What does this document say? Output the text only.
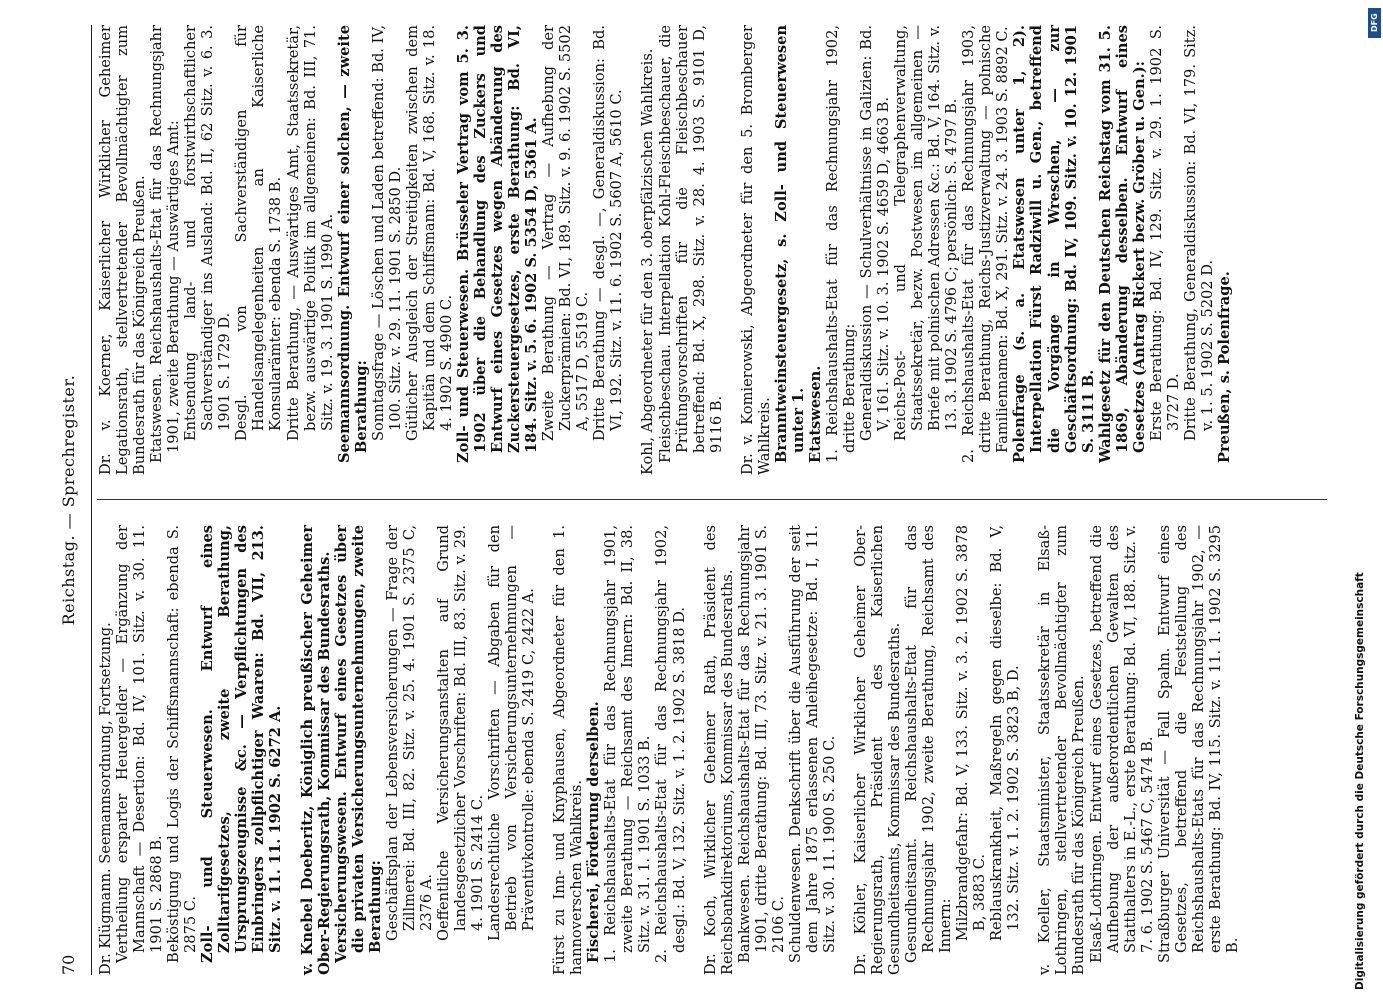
70
Reichstag. — Sprechregister.

Dr. Klügmann. Seemannsordnung, Fortsetzung. Vertheilung ersparter Heuergelder — Ergänzung der Mannschaft — Desertion: Bd. IV, 101. Sitz. v. 30. 11. 1901 S. 2868 B. Beköstigung und Logis der Schiffsmannschaft: ebenda S. 2875 C. Zoll- und Steuerwesen. Entwurf eines Zolltarifgesetzes, zweite Berathung, Ursprungszeugnisse &c. — Verpflichtungen des Einbringers zollpflichtiger Waaren: Bd. VII, 213. Sitz. v. 11. 11. 1902 S. 6272 A. v. Knebel Doeberitz, Königlich preußischer Geheimer Ober-Regierungsrath, Kommissar des Bundesraths. Versicherungswesen. Entwurf eines Gesetzes über die privaten Versicherungsunternehmungen, zweite Berathung: Geschäftsplan der Lebensversicherungen — Frage der Zillmerei: Bd. III, 82. Sitz. v. 25. 4. 1901 S. 2375 C, 2376 A. Oeffentliche Versicherungsanstalten auf Grund landesgesetzlicher Vorschriften: Bd. III, 83. Sitz. v. 29. 4. 1901 S. 2414 C. Landesrechtliche Vorschriften — Abgaben für den Betrieb von Versicherungsunternehmungen — Präventivkontrolle: ebenda S. 2419 C, 2422 A. Fürst zu Inn- und Knyphausen, Abgeordneter für den 1. hannoverschen Wahlkreis. Fischerei, Förderung derselben. 1. Reichshaushalts-Etat für das Rechnungsjahr 1901, zweite Berathung — Reichsamt des Innern: Bd. II, 38. Sitz. v. 31. 1. 1901 S. 1033 B. 2. Reichshaushalts-Etat für das Rechnungsjahr 1902, desgl.: Bd. V, 132. Sitz. v. 1. 2. 1902 S. 3818 D. Dr. Koch, Wirklicher Geheimer Rath, Präsident des Reichsbankdirektoriums, Kommissar des Bundesraths. Bankwesen. Reichshaushalts-Etat für das Rechnungsjahr 1901, dritte Berathung: Bd. III, 73. Sitz. v. 21. 3. 1901 S. 2106 C. Schuldenwesen. Denkschrift über die Ausführung der seit dem Jahre 1875 erlassenen Anleihegesetze: Bd. I, 11. Sitz. v. 30. 11. 1900 S. 250 C. Dr. Köhler, Kaiserlicher Wirklicher Geheimer Ober-Regierungsrath, Präsident des Kaiserlichen Gesundheitsamts, Kommissar des Bundesraths. Gesundheitsamt. Reichshaushalts-Etat für das Rechnungsjahr 1902, zweite Berathung, Reichsamt des Innern: Milzbrandgefahr: Bd. V, 133. Sitz. v. 3. 2. 1902 S. 3878 B, 3883 C. Reblauskrankheit, Maßregeln gegen dieselbe: Bd. V, 132. Sitz. v. 1. 2. 1902 S. 3823 B, D. v. Koeller, Staatsminister, Staatssekretär in Elsaß-Lothringen, stellvertretender Bevollmächtigter zum Bundesrath für das Königreich Preußen. Elsaß-Lothringen. Entwurf eines Gesetzes, betreffend die Aufhebung der außerordentlichen Gewalten des Statthalters in E.-L., erste Berathung: Bd. VI, 188. Sitz. v. 7. 6. 1902 S. 5467 C, 5474 B. Straßburger Universität — Fall Spahn. Entwurf eines Gesetzes, betreffend die Feststellung des Reichshaushalts-Etats für das Rechnungsjahr 1902, — erste Berathung: Bd. IV, 115. Sitz. v. 11. 1. 1902 S. 3295 B.

Dr. v. Koerner, Kaiserlicher Wirklicher Geheimer Legationsrath, stellvertretender Bevollmächtigter zum Bundesrath für das Königreich Preußen. Etatswesen. Reichshaushalts-Etat für das Rechnungsjahr 1901, zweite Berathung — Auswärtiges Amt: Entsendung land- und forstwirthschaftlicher Sachverständiger ins Ausland: Bd. II, 62 Sitz. v. 6. 3. 1901 S. 1729 D. Desgl. von Sachverständigen für Handelsangelegenheiten an Kaiserliche Konsularämter: ebenda S. 1738 B. Dritte Berathung, — Auswärtiges Amt, Staatssekretär, bezw. auswärtige Politik im allgemeinen: Bd. III, 71. Sitz. v. 19. 3. 1901 S. 1990 A. Seemannsordnung. Entwurf einer solchen, — zweite Berathung: Sonntagsfrage — Löschen und Laden betreffend: Bd. IV, 100. Sitz. v. 29. 11. 1901 S. 2850 D. Gütlicher Ausgleich der Streitigkeiten zwischen dem Kapitän und dem Schiffsmann: Bd. V, 168. Sitz. v. 18. 4. 1902 S. 4900 C. Zoll- und Steuerwesen. Brüsseler Vertrag vom 5. 3. 1902 über die Behandlung des Zuckers und Entwurf eines Gesetzes wegen Abänderung des Zuckersteuergesetzes, erste Berathung: Bd. VI, 184. Sitz. v. 5. 6. 1902 S. 5354 D, 5361 A. Zweite Berathung — Vertrag — Aufhebung der Zuckerprämien: Bd. VI, 189. Sitz. v. 9. 6. 1902 S. 5502 A, 5517 D, 5519 C. Dritte Berathung — desgl. —, Generaldiskussion: Bd. VI, 192. Sitz. v. 11. 6. 1902 S. 5607 A, 5610 C. Kohl, Abgeordneter für den 3. oberpfälzischen Wahlkreis. Fleischbeschau. Interpellation Kohl-Fleischbeschauer, die Prüfungsvorschriften für die Fleischbeschauer betreffend: Bd. X, 298. Sitz. v. 28. 4. 1903 S. 9101 D, 9116 B. Dr. v. Komierowski, Abgeordneter für den 5. Bromberger Wahlkreis. Branntweinsteuergesetz, s. Zoll- und Steuerwesen unter 1. Etatswesen. 1. Reichshaushalts-Etat für das Rechnungsjahr 1902, dritte Berathung: Generaldiskussion — Schulverhältnisse in Galizien: Bd. V, 161. Sitz. v. 10. 3. 1902 S. 4659 D, 4663 B. Reichs-Post- und Telegraphenverwaltung, Staatssekretär, bezw. Postwesen im allgemeinen — Briefe mit polnischen Adressen &c.: Bd. V, 164. Sitz. v. 13. 3. 1902 S. 4796 C; persönlich: S. 4797 B. 2. Reichshaushalts-Etat für das Rechnungsjahr 1903, dritte Berathung, Reichs-Justizverwaltung — polnische Familiennamen: Bd. X, 291. Sitz. v. 24. 3. 1903 S. 8892 C. Polenfrage (s. a. Etatswesen unter 1, 2). Interpellation Fürst Radziwill u. Gen., betreffend die Vorgänge in Wreschen, — zur Geschäftsordnung: Bd. IV, 109. Sitz. v. 10. 12. 1901 S. 3111 B. Wahlgesetz für den Deutschen Reichstag vom 31. 5. 1869, Abänderung desselben. Entwurf eines Gesetzes (Antrag Rickert bezw. Gröber u. Gen.): Erste Berathung: Bd. IV, 129. Sitz. v. 29. 1. 1902 S. 3727 D. Dritte Berathung, Generaldiskussion: Bd. VI, 179. Sitz. v. 1. 5. 1902 S. 5202 D. Preußen, s. Polenfrage.

Digitalisierung gefördert durch die Deutsche Forschungsgemeinschaft
DFG
